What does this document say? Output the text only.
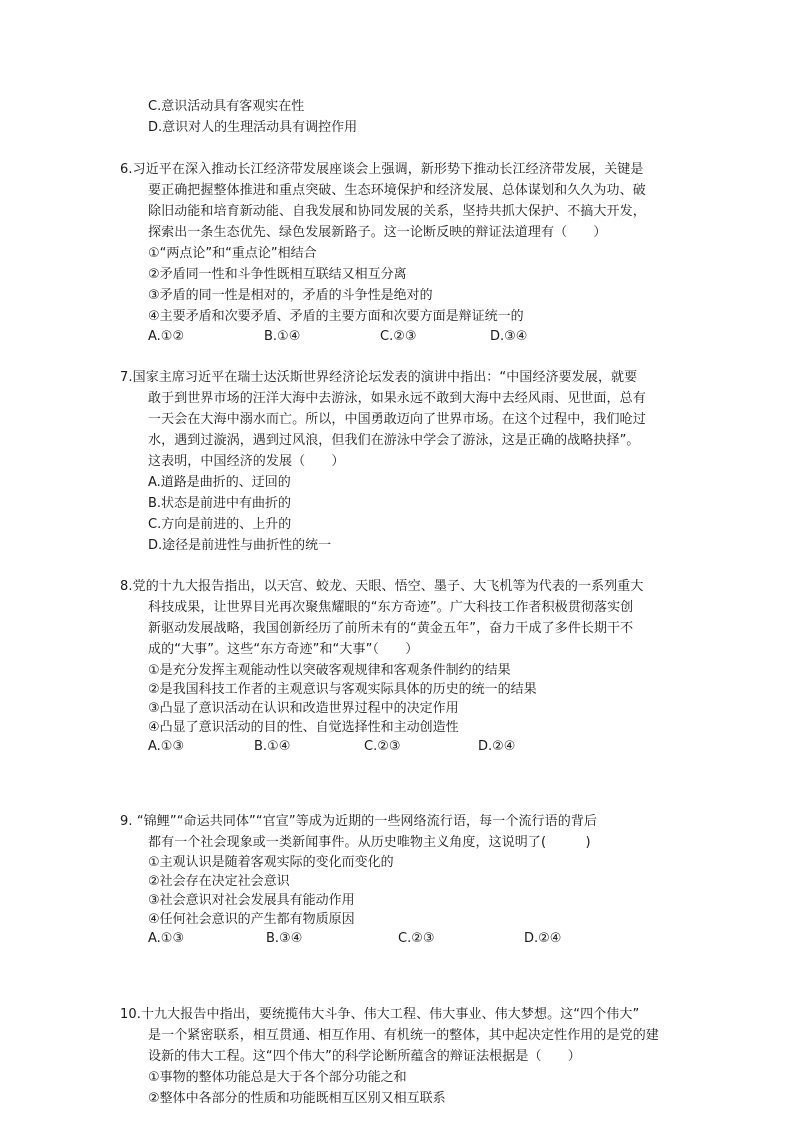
C.意识活动具有客观实在性
D.意识对人的生理活动具有调控作用
6.习近平在深入推动长江经济带发展座谈会上强调，新形势下推动长江经济带发展，关键是
要正确把握整体推进和重点突破、生态环境保护和经济发展、总体谋划和久久为功、破
除旧动能和培育新动能、自我发展和协同发展的关系，坚持共抓大保护、不搞大开发，
探索出一条生态优先、绿色发展新路子。这一论断反映的辩证法道理有（　　）
①“两点论”和“重点论”相结合
②矛盾同一性和斗争性既相互联结又相互分离
③矛盾的同一性是相对的，矛盾的斗争性是绝对的
④主要矛盾和次要矛盾、矛盾的主要方面和次要方面是辩证统一的
A.①②	B.①④	C.②③	D.③④
7.国家主席习近平在瑞士达沃斯世界经济论坛发表的演讲中指出：“中国经济要发展，就要
敢于到世界市场的汪洋大海中去游泳，如果永远不敢到大海中去经风雨、见世面，总有
一天会在大海中溺水而亡。所以，中国勇敢迈向了世界市场。在这个过程中，我们呛过
水，遇到过漩涡，遇到过风浪，但我们在游泳中学会了游泳，这是正确的战略抉择”。
这表明，中国经济的发展（　　）
A.道路是曲折的、迂回的
B.状态是前进中有曲折的
C.方向是前进的、上升的
D.途径是前进性与曲折性的统一
8.党的十九大报告指出，以天宫、蛟龙、天眼、悟空、墨子、大飞机等为代表的一系列重大
科技成果，让世界目光再次聚焦耀眼的“东方奇迹”。广大科技工作者积极贯彻落实创
新驱动发展战略，我国创新经历了前所未有的“黄金五年”，奋力干成了多件长期干不
成的“大事”。这些“东方奇迹”和“大事”（　　）
①是充分发挥主观能动性以突破客观规律和客观条件制约的结果
②是我国科技工作者的主观意识与客观实际具体的历史的统一的结果
③凸显了意识活动在认识和改造世界过程中的决定作用
④凸显了意识活动的目的性、自觉选择性和主动创造性
A.①③	B.①④	C.②③	D.②④
9. “锦鲤”“命运共同体”“官宣”等成为近期的一些网络流行语，每一个流行语的背后
都有一个社会现象或一类新闻事件。从历史唯物主义角度，这说明了(　　　)
①主观认识是随着客观实际的变化而变化的
②社会存在决定社会意识
③社会意识对社会发展具有能动作用
④任何社会意识的产生都有物质原因
A.①③	B.③④	C.②③	D.②④
10.十九大报告中指出，要统揽伟大斗争、伟大工程、伟大事业、伟大梦想。这“四个伟大”
是一个紧密联系，相互贯通、相互作用、有机统一的整体，其中起决定性作用的是党的建
设新的伟大工程。这“四个伟大”的科学论断所蕴含的辩证法根据是（　　）
①事物的整体功能总是大于各个部分功能之和
②整体中各部分的性质和功能既相互区别又相互联系
